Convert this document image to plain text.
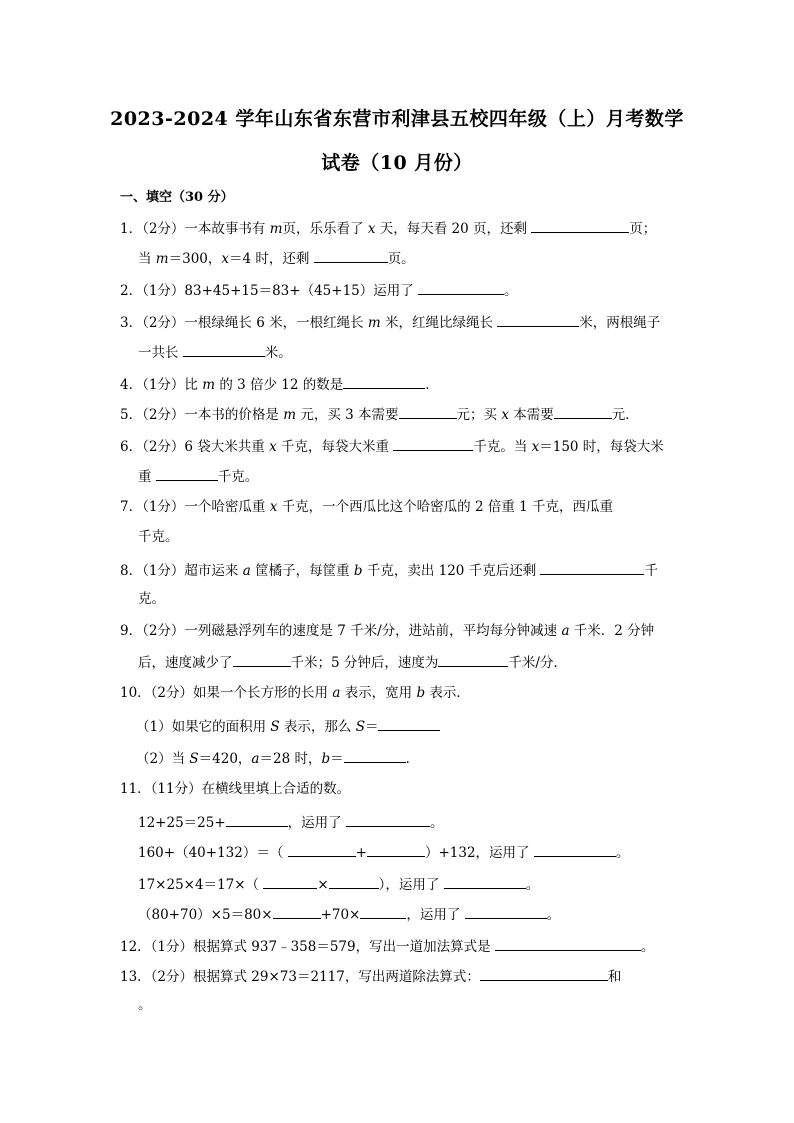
2023-2024 学年山东省东营市利津县五校四年级（上）月考数学
试卷（10 月份）
一、填空（30 分）
1．（2分）一本故事书有 m页，乐乐看了 x 天，每天看 20 页，还剩	页；
当 m＝300，x＝4 时，还剩	页。
2．（1分）83+45+15＝83+（45+15）运用了	。
3．（2分）一根绿绳长 6 米，一根红绳长 m 米，红绳比绿绳长	米，两根绳子
一共长	米。
4．（1分）比 m 的 3 倍少 12 的数是	．
5．（2分）一本书的价格是 m 元，买 3 本需要	元；买 x 本需要	元．
6．（2分）6 袋大米共重 x 千克，每袋大米重	千克。当 x＝150 时，每袋大米
重	千克。
7．（1分）一个哈密瓜重 x 千克，一个西瓜比这个哈密瓜的 2 倍重 1 千克，西瓜重
千克。
8．（1分）超市运来 a 筐橘子，每筐重 b 千克，卖出 120 千克后还剩	千
克。
9．（2分）一列磁悬浮列车的速度是 7 千米/分，进站前，平均每分钟减速 a 千米．2 分钟
后，速度减少了	千米；5 分钟后，速度为	千米/分．
10．（2分）如果一个长方形的长用 a 表示，宽用 b 表示．
（1）如果它的面积用 S 表示，那么 S＝
（2）当 S＝420，a＝28 时，b＝	．
11．（11分）在横线里填上合适的数。
12+25＝25+	，运用了	。
160+（40+132）＝（	+	）+132，运用了	。
17×25×4＝17×（	×	），运用了	。
（80+70）×5＝80×	+70×	，运用了	。
12．（1分）根据算式 937﹣358＝579，写出一道加法算式是	。
13．（2分）根据算式 29×73＝2117，写出两道除法算式：	和
。
